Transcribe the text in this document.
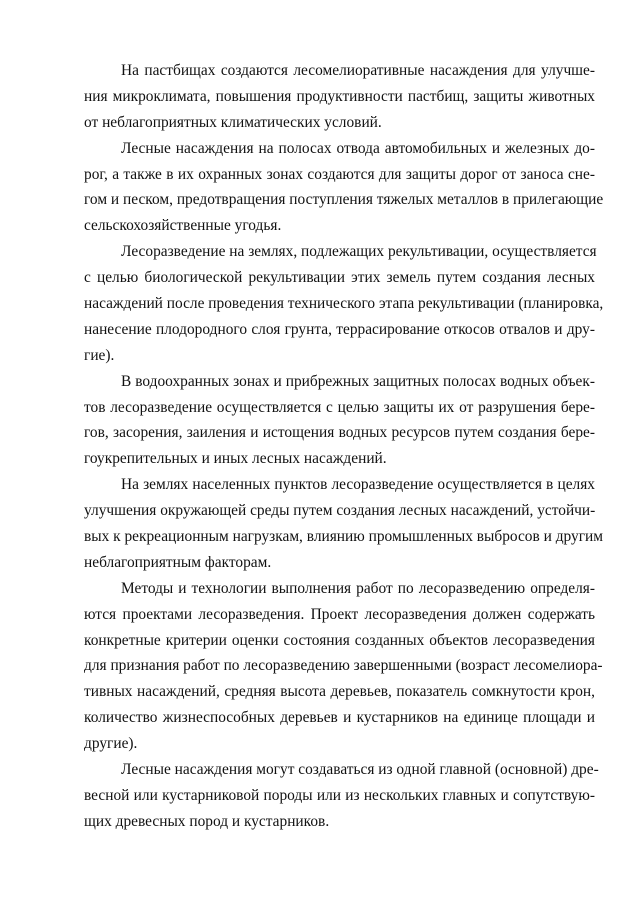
На пастбищах создаются лесомелиоративные насаждения для улучше-
ния микроклимата, повышения продуктивности пастбищ, защиты животных
от неблагоприятных климатических условий.

Лесные насаждения на полосах отвода автомобильных и железных до-
рог, а также в их охранных зонах создаются для защиты дорог от заноса сне-
гом и песком, предотвращения поступления тяжелых металлов в прилегающие
сельскохозяйственные угодья.

Лесоразведение на землях, подлежащих рекультивации, осуществляется
с целью биологической рекультивации этих земель путем создания лесных
насаждений после проведения технического этапа рекультивации (планировка,
нанесение плодородного слоя грунта, террасирование откосов отвалов и дру-
гие).

В водоохранных зонах и прибрежных защитных полосах водных объек-
тов лесоразведение осуществляется с целью защиты их от разрушения бере-
гов, засорения, заиления и истощения водных ресурсов путем создания бере-
гоукрепительных и иных лесных насаждений.

На землях населенных пунктов лесоразведение осуществляется в целях
улучшения окружающей среды путем создания лесных насаждений, устойчи-
вых к рекреационным нагрузкам, влиянию промышленных выбросов и другим
неблагоприятным факторам.

Методы и технологии выполнения работ по лесоразведению определя-
ются проектами лесоразведения. Проект лесоразведения должен содержать
конкретные критерии оценки состояния созданных объектов лесоразведения
для признания работ по лесоразведению завершенными (возраст лесомелиора-
тивных насаждений, средняя высота деревьев, показатель сомкнутости крон,
количество жизнеспособных деревьев и кустарников на единице площади и
другие).

Лесные насаждения могут создаваться из одной главной (основной) дре-
весной или кустарниковой породы или из нескольких главных и сопутствую-
щих древесных пород и кустарников.
